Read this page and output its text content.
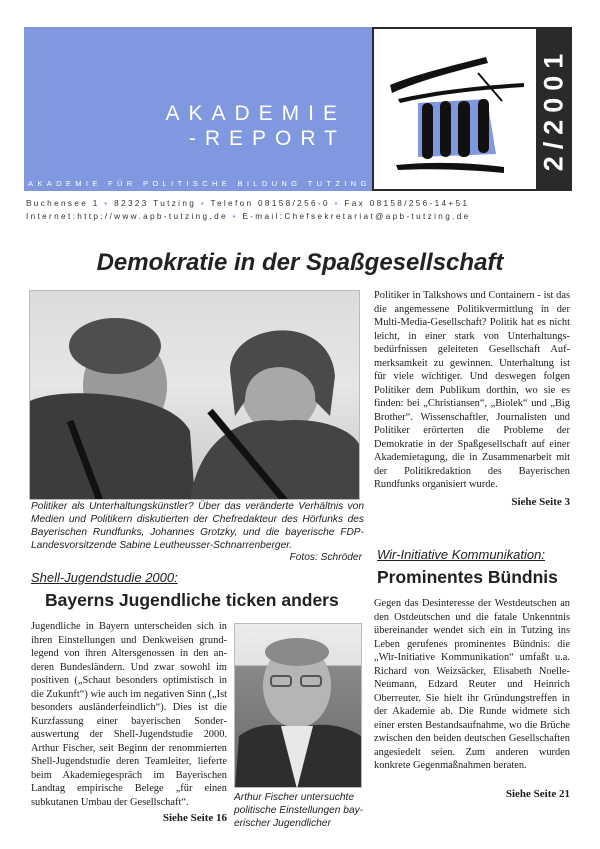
AKADEMIE
-REPORT
AKADEMIE FÜR POLITISCHE BILDUNG TUTZING
2/2001
Buchensee 1 ▪ 82323 Tutzing ▪ Telefon 08158/256-0 ▪ Fax 08158/256-14+51
Internet:http://www.apb-tutzing.de ▪ E-mail:Chefsekretariat@apb-tutzing.de
Demokratie in der Spaßgesellschaft

Politiker als Unterhaltungskünstler? Über das veränderte Verhältnis von Medien und Politikern diskutierten der Chefredakteur des Hörfunks des Bayerischen Rundfunks, Johannes Grotzky, und die bayerische FDP-Landesvorsitzende Sabine Leutheusser-Schnarrenberger.

Fotos: Schröder

Politiker in Talkshows und Containern - ist das die angemessene Politikvermittlung in der Multi-Media-Gesellschaft? Politik hat es nicht leicht, in einer stark von Unterhaltungsbedürfnissen geleiteten Gesellschaft Aufmerksamkeit zu gewinnen. Unterhaltung ist für viele wichtiger. Und deswegen folgen Politiker dem Publikum dorthin, wo sie es finden: bei „Christiansen“, „Biolek“ und „Big Brother“. Wissenschaftler, Journalisten und Politiker erörterten die Probleme der Demokratie in der Spaßgesellschaft auf einer Akademietagung, die in Zusammenarbeit mit der Politikredaktion des Bayerischen Rundfunks organisiert wurde.

Siehe Seite 3
Shell-Jugendstudie 2000:
Bayerns Jugendliche ticken anders

Jugendliche in Bayern unterscheiden sich in ihren Einstellungen und Denkweisen grundlegend von ihren Altersgenossen in den anderen Bundesländern. Und zwar sowohl im positiven („Schaut besonders optimistisch in die Zukunft“) wie auch im negativen Sinn („Ist besonders ausländerfeindlich“). Dies ist die Kurzfassung einer bayerischen Sonderauswertung der Shell-Jugendstudie 2000. Arthur Fischer, seit Beginn der renommierten Shell-Jugendstudie deren Teamleiter, lieferte beim Akademiegespräch im Bayerischen Landtag empirische Belege „für einen subkutanen Umbau der Gesellschaft“.

Siehe Seite 16

Arthur Fischer untersuchte politische Einstellungen bayerischer Jugendlicher

Wir-Initiative Kommunikation:
Prominentes Bündnis

Gegen das Desinteresse der Westdeutschen an den Ostdeutschen und die fatale Unkenntnis übereinander wendet sich ein in Tutzing ins Leben gerufenes prominentes Bündnis: die „Wir-Initiative Kommunikation“ umfaßt u.a. Richard von Weizsäcker, Elisabeth Noelle-Neumann, Edzard Reuter und Heinrich Oberreuter. Sie hielt ihr Gründungstreffen in der Akademie ab. Die Runde widmete sich einer ersten Bestandsaufnahme, wo die Brüche zwischen den beiden deutschen Gesellschaften angesiedelt seien. Zum anderen wurden konkrete Gegenmaßnahmen beraten.

Siehe Seite 21
